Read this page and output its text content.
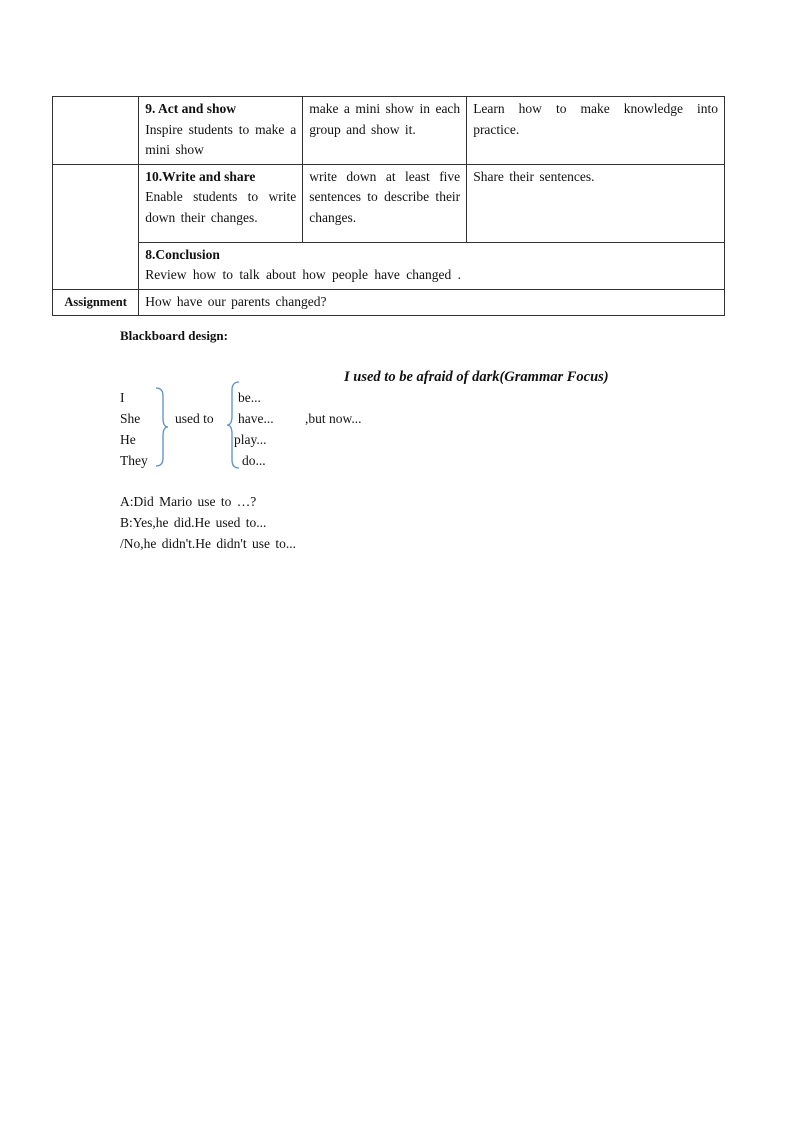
	9. Act and show
Inspire students to make a mini show	make a mini show in each group and show it.	Learn how to make knowledge into practice.

	10.Write and share
Enable students to write down their changes.	write down at least five sentences to describe their changes.	Share their sentences.

	8.Conclusion
Review how to talk about how people have changed .		

Assignment	How have our parents changed?		
Blackboard design:
I used to be afraid of dark(Grammar Focus)
I
She
He
They
used to
be...
have...
play...
do...
,but now...
A:Did Mario use to …?
B:Yes,he did.He used to...
/No,he didn't.He didn't use to...
